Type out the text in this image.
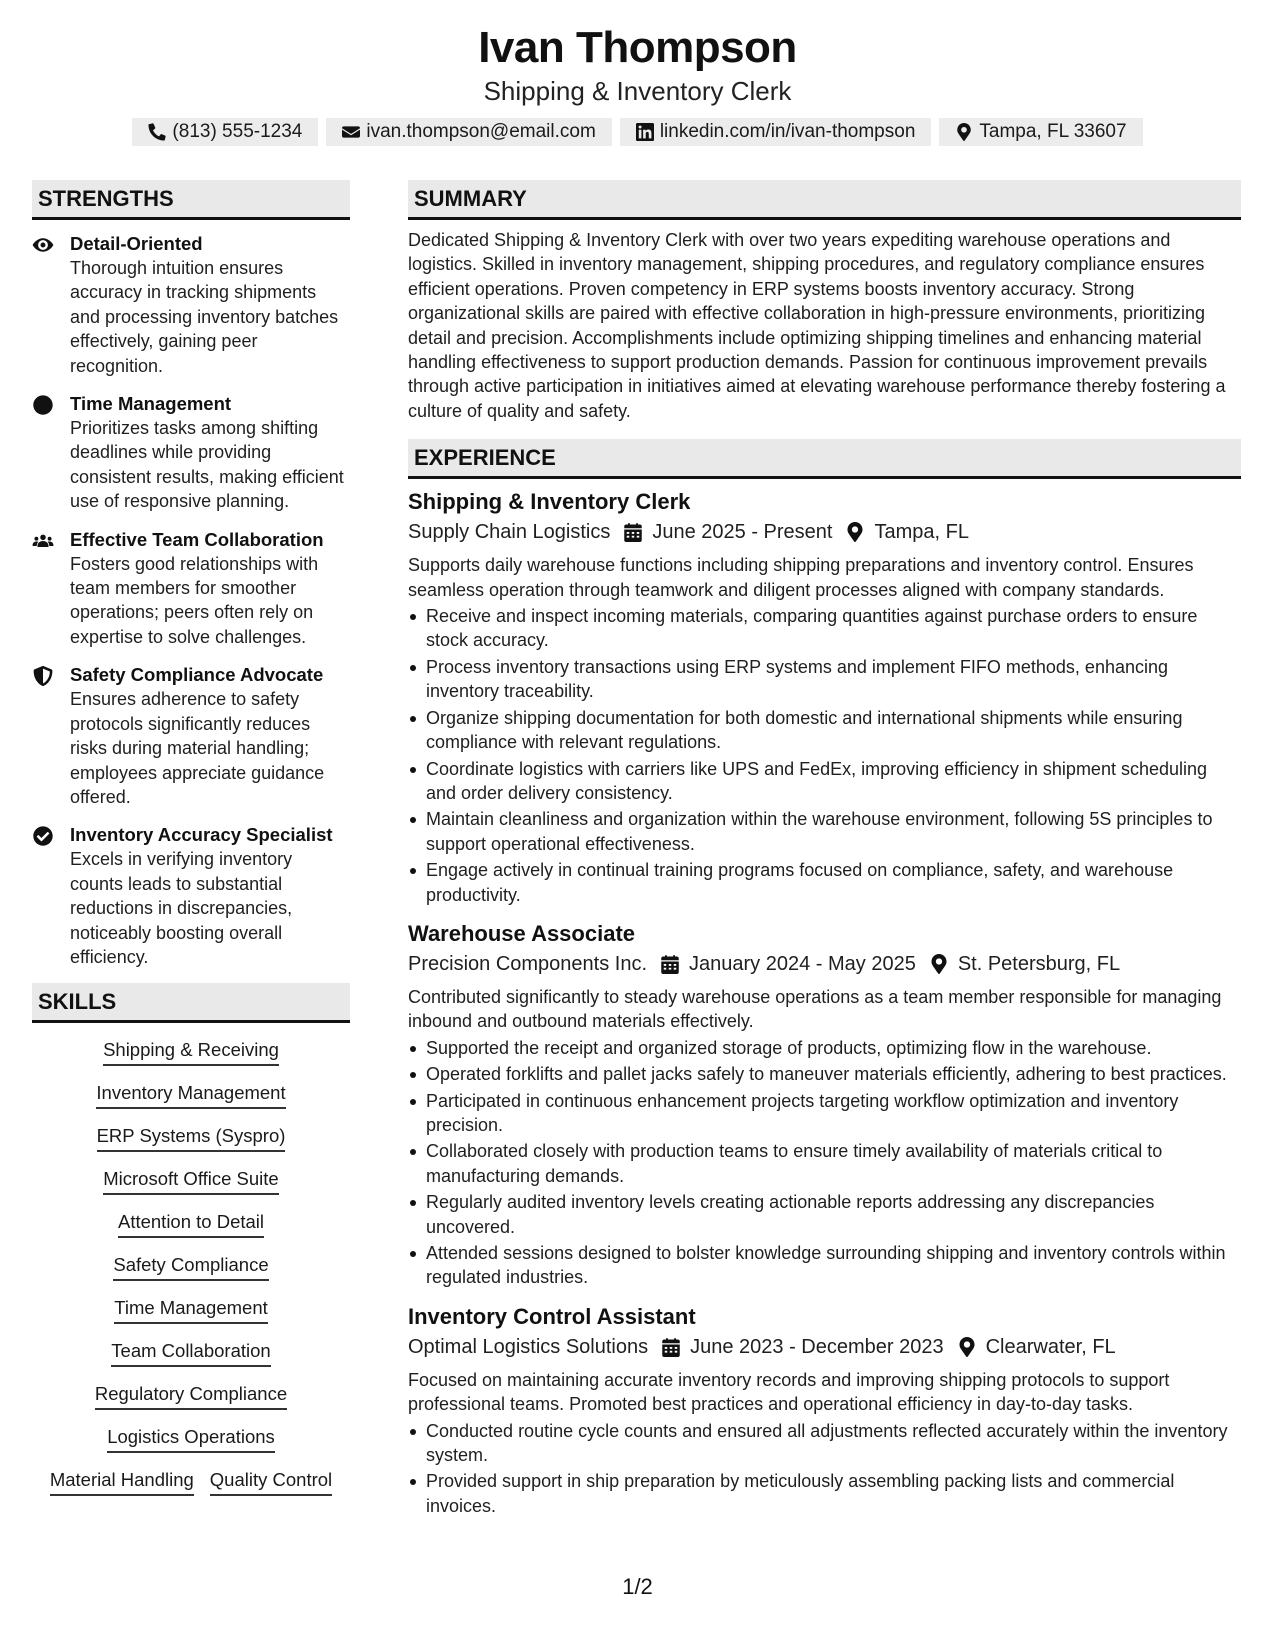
Ivan Thompson
Shipping & Inventory Clerk
(813) 555-1234	ivan.thompson@email.com	linkedin.com/in/ivan-thompson	Tampa, FL 33607
STRENGTHS
Detail-Oriented
Thorough intuition ensures accuracy in tracking shipments and processing inventory batches effectively, gaining peer recognition.
Time Management
Prioritizes tasks among shifting deadlines while providing consistent results, making efficient use of responsive planning.
Effective Team Collaboration
Fosters good relationships with team members for smoother operations; peers often rely on expertise to solve challenges.
Safety Compliance Advocate
Ensures adherence to safety protocols significantly reduces risks during material handling; employees appreciate guidance offered.
Inventory Accuracy Specialist
Excels in verifying inventory counts leads to substantial reductions in discrepancies, noticeably boosting overall efficiency.
SKILLS
Shipping & Receiving
Inventory Management
ERP Systems (Syspro)
Microsoft Office Suite
Attention to Detail
Safety Compliance
Time Management
Team Collaboration
Regulatory Compliance
Logistics Operations
Material Handling Quality Control
SUMMARY
Dedicated Shipping & Inventory Clerk with over two years expediting warehouse operations and logistics. Skilled in inventory management, shipping procedures, and regulatory compliance ensures efficient operations. Proven competency in ERP systems boosts inventory accuracy. Strong organizational skills are paired with effective collaboration in high-pressure environments, prioritizing detail and precision. Accomplishments include optimizing shipping timelines and enhancing material handling effectiveness to support production demands. Passion for continuous improvement prevails through active participation in initiatives aimed at elevating warehouse performance thereby fostering a culture of quality and safety.
EXPERIENCE
Shipping & Inventory Clerk
Supply Chain Logistics June 2025 - Present Tampa, FL
Supports daily warehouse functions including shipping preparations and inventory control. Ensures seamless operation through teamwork and diligent processes aligned with company standards.
Receive and inspect incoming materials, comparing quantities against purchase orders to ensure stock accuracy.
Process inventory transactions using ERP systems and implement FIFO methods, enhancing inventory traceability.
Organize shipping documentation for both domestic and international shipments while ensuring compliance with relevant regulations.
Coordinate logistics with carriers like UPS and FedEx, improving efficiency in shipment scheduling and order delivery consistency.
Maintain cleanliness and organization within the warehouse environment, following 5S principles to support operational effectiveness.
Engage actively in continual training programs focused on compliance, safety, and warehouse productivity.
Warehouse Associate
Precision Components Inc. January 2024 - May 2025 St. Petersburg, FL
Contributed significantly to steady warehouse operations as a team member responsible for managing inbound and outbound materials effectively.
Supported the receipt and organized storage of products, optimizing flow in the warehouse.
Operated forklifts and pallet jacks safely to maneuver materials efficiently, adhering to best practices.
Participated in continuous enhancement projects targeting workflow optimization and inventory precision.
Collaborated closely with production teams to ensure timely availability of materials critical to manufacturing demands.
Regularly audited inventory levels creating actionable reports addressing any discrepancies uncovered.
Attended sessions designed to bolster knowledge surrounding shipping and inventory controls within regulated industries.
Inventory Control Assistant
Optimal Logistics Solutions June 2023 - December 2023 Clearwater, FL
Focused on maintaining accurate inventory records and improving shipping protocols to support professional teams. Promoted best practices and operational efficiency in day-to-day tasks.
Conducted routine cycle counts and ensured all adjustments reflected accurately within the inventory system.
Provided support in ship preparation by meticulously assembling packing lists and commercial invoices.
1/2
